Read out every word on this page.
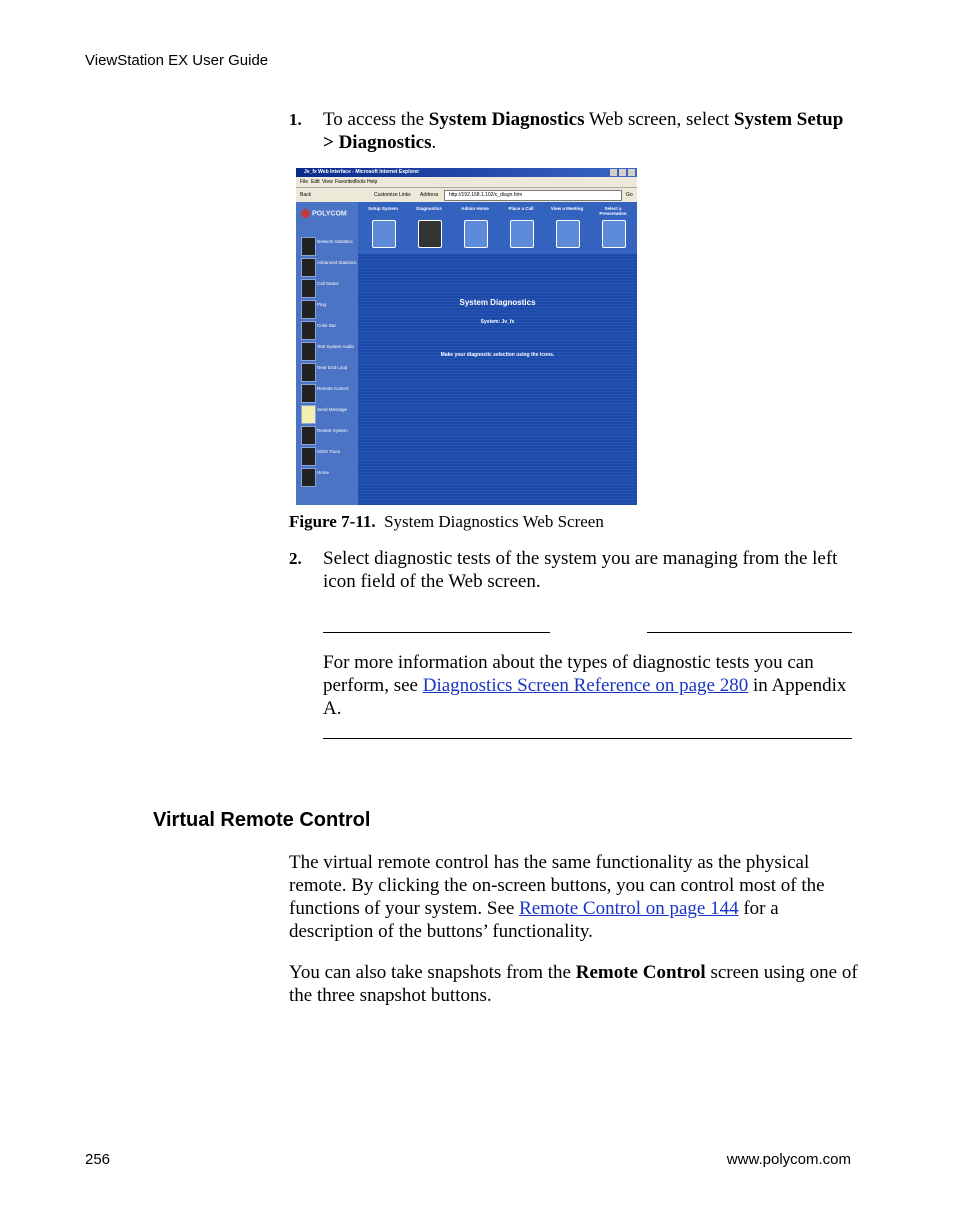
ViewStation EX User Guide
1. To access the System Diagnostics Web screen, select System Setup > Diagnostics.
Jv_fx Web Interface - Microsoft Internet Explorer
File Edit View Favorites
Tools Help
Back	Customize Links Address http://192.168.1.102/c_diagn.htm	Go
POLYCOM
Network Statistics
Advanced Statistics
Call Status
Ping
Color Bar
Test System Audio
Near End Loop
Remote Control
Send Message
Restart System
ISDN Trace
Home
Setup System	Diagnostics	Admin Home	Place a Call	View a Meeting	Select a Presentation
System Diagnostics
System: Jv_fx
Make your diagnostic selection using the icons.
Figure 7-11. System Diagnostics Web Screen
2. Select diagnostic tests of the system you are managing from the left icon field of the Web screen.
For more information about the types of diagnostic tests you can perform, see Diagnostics Screen Reference on page 280 in Appendix A.
Virtual Remote Control
The virtual remote control has the same functionality as the physical remote. By clicking the on-screen buttons, you can control most of the functions of your system. See Remote Control on page 144 for a description of the buttons’ functionality.
You can also take snapshots from the Remote Control screen using one of the three snapshot buttons.
256	www.polycom.com
